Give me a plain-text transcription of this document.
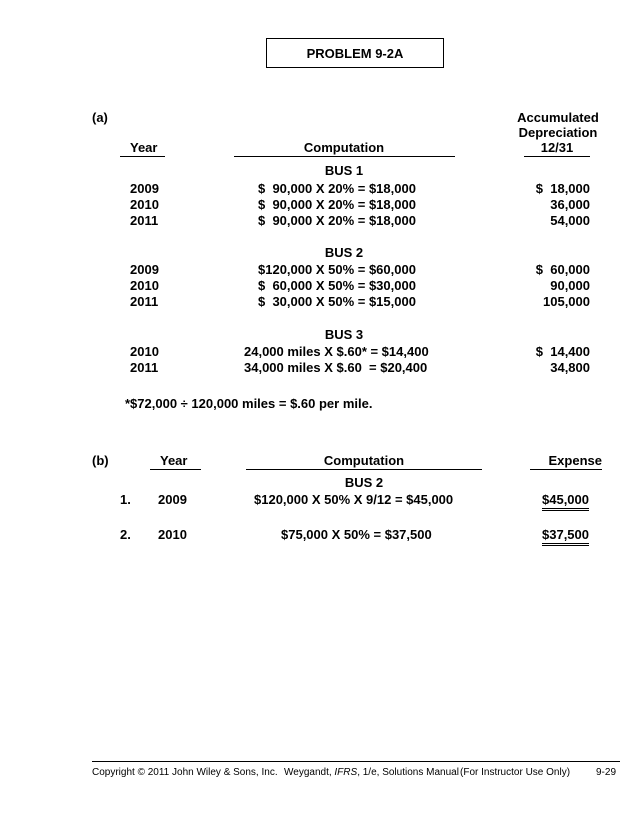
PROBLEM 9-2A
(a)	Accumulated
Depreciation
12/31
Year	Computation
BUS 1
2009	$  90,000 X 20% = $18,000	$  18,000
2010	$  90,000 X 20% = $18,000	36,000
2011	$  90,000 X 20% = $18,000	54,000
BUS 2
2009	$120,000 X 50% = $60,000	$  60,000
2010	$  60,000 X 50% = $30,000	90,000
2011	$  30,000 X 50% = $15,000	105,000
BUS 3
2010	24,000 miles X $.60* = $14,400	$  14,400
2011	34,000 miles X $.60  = $20,400	34,800
*$72,000 ÷ 120,000 miles = $.60 per mile.
(b)	Year	Computation	Expense
BUS 2
1. 2009	$120,000 X 50% X 9/12 = $45,000	$45,000
2. 2010	$75,000 X 50% = $37,500	$37,500
Copyright © 2011 John Wiley & Sons, Inc. Weygandt, IFRS, 1/e, Solutions Manual (For Instructor Use Only)	9-29
